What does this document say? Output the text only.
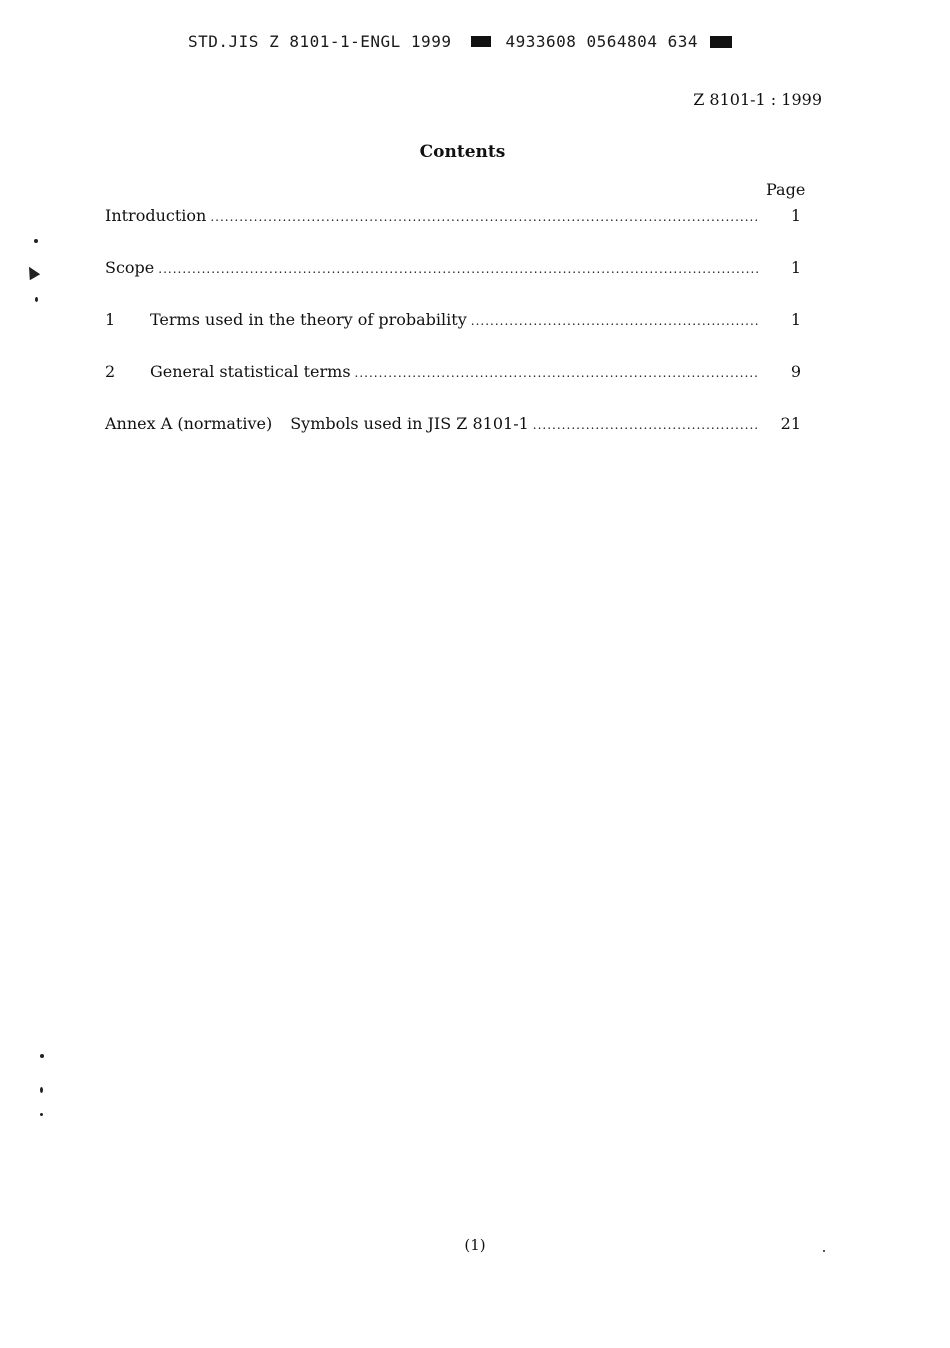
STD.JIS Z 8101-1-ENGL 1999	4933608 0564804 634
Z 8101-1 : 1999
Contents
Page
Introduction .....	1
Scope .....	1
1	Terms used in the theory of probability .....	1
2	General statistical terms .....	9
Annex A (normative) Symbols used in JIS Z 8101-1 .....	21
(1)
